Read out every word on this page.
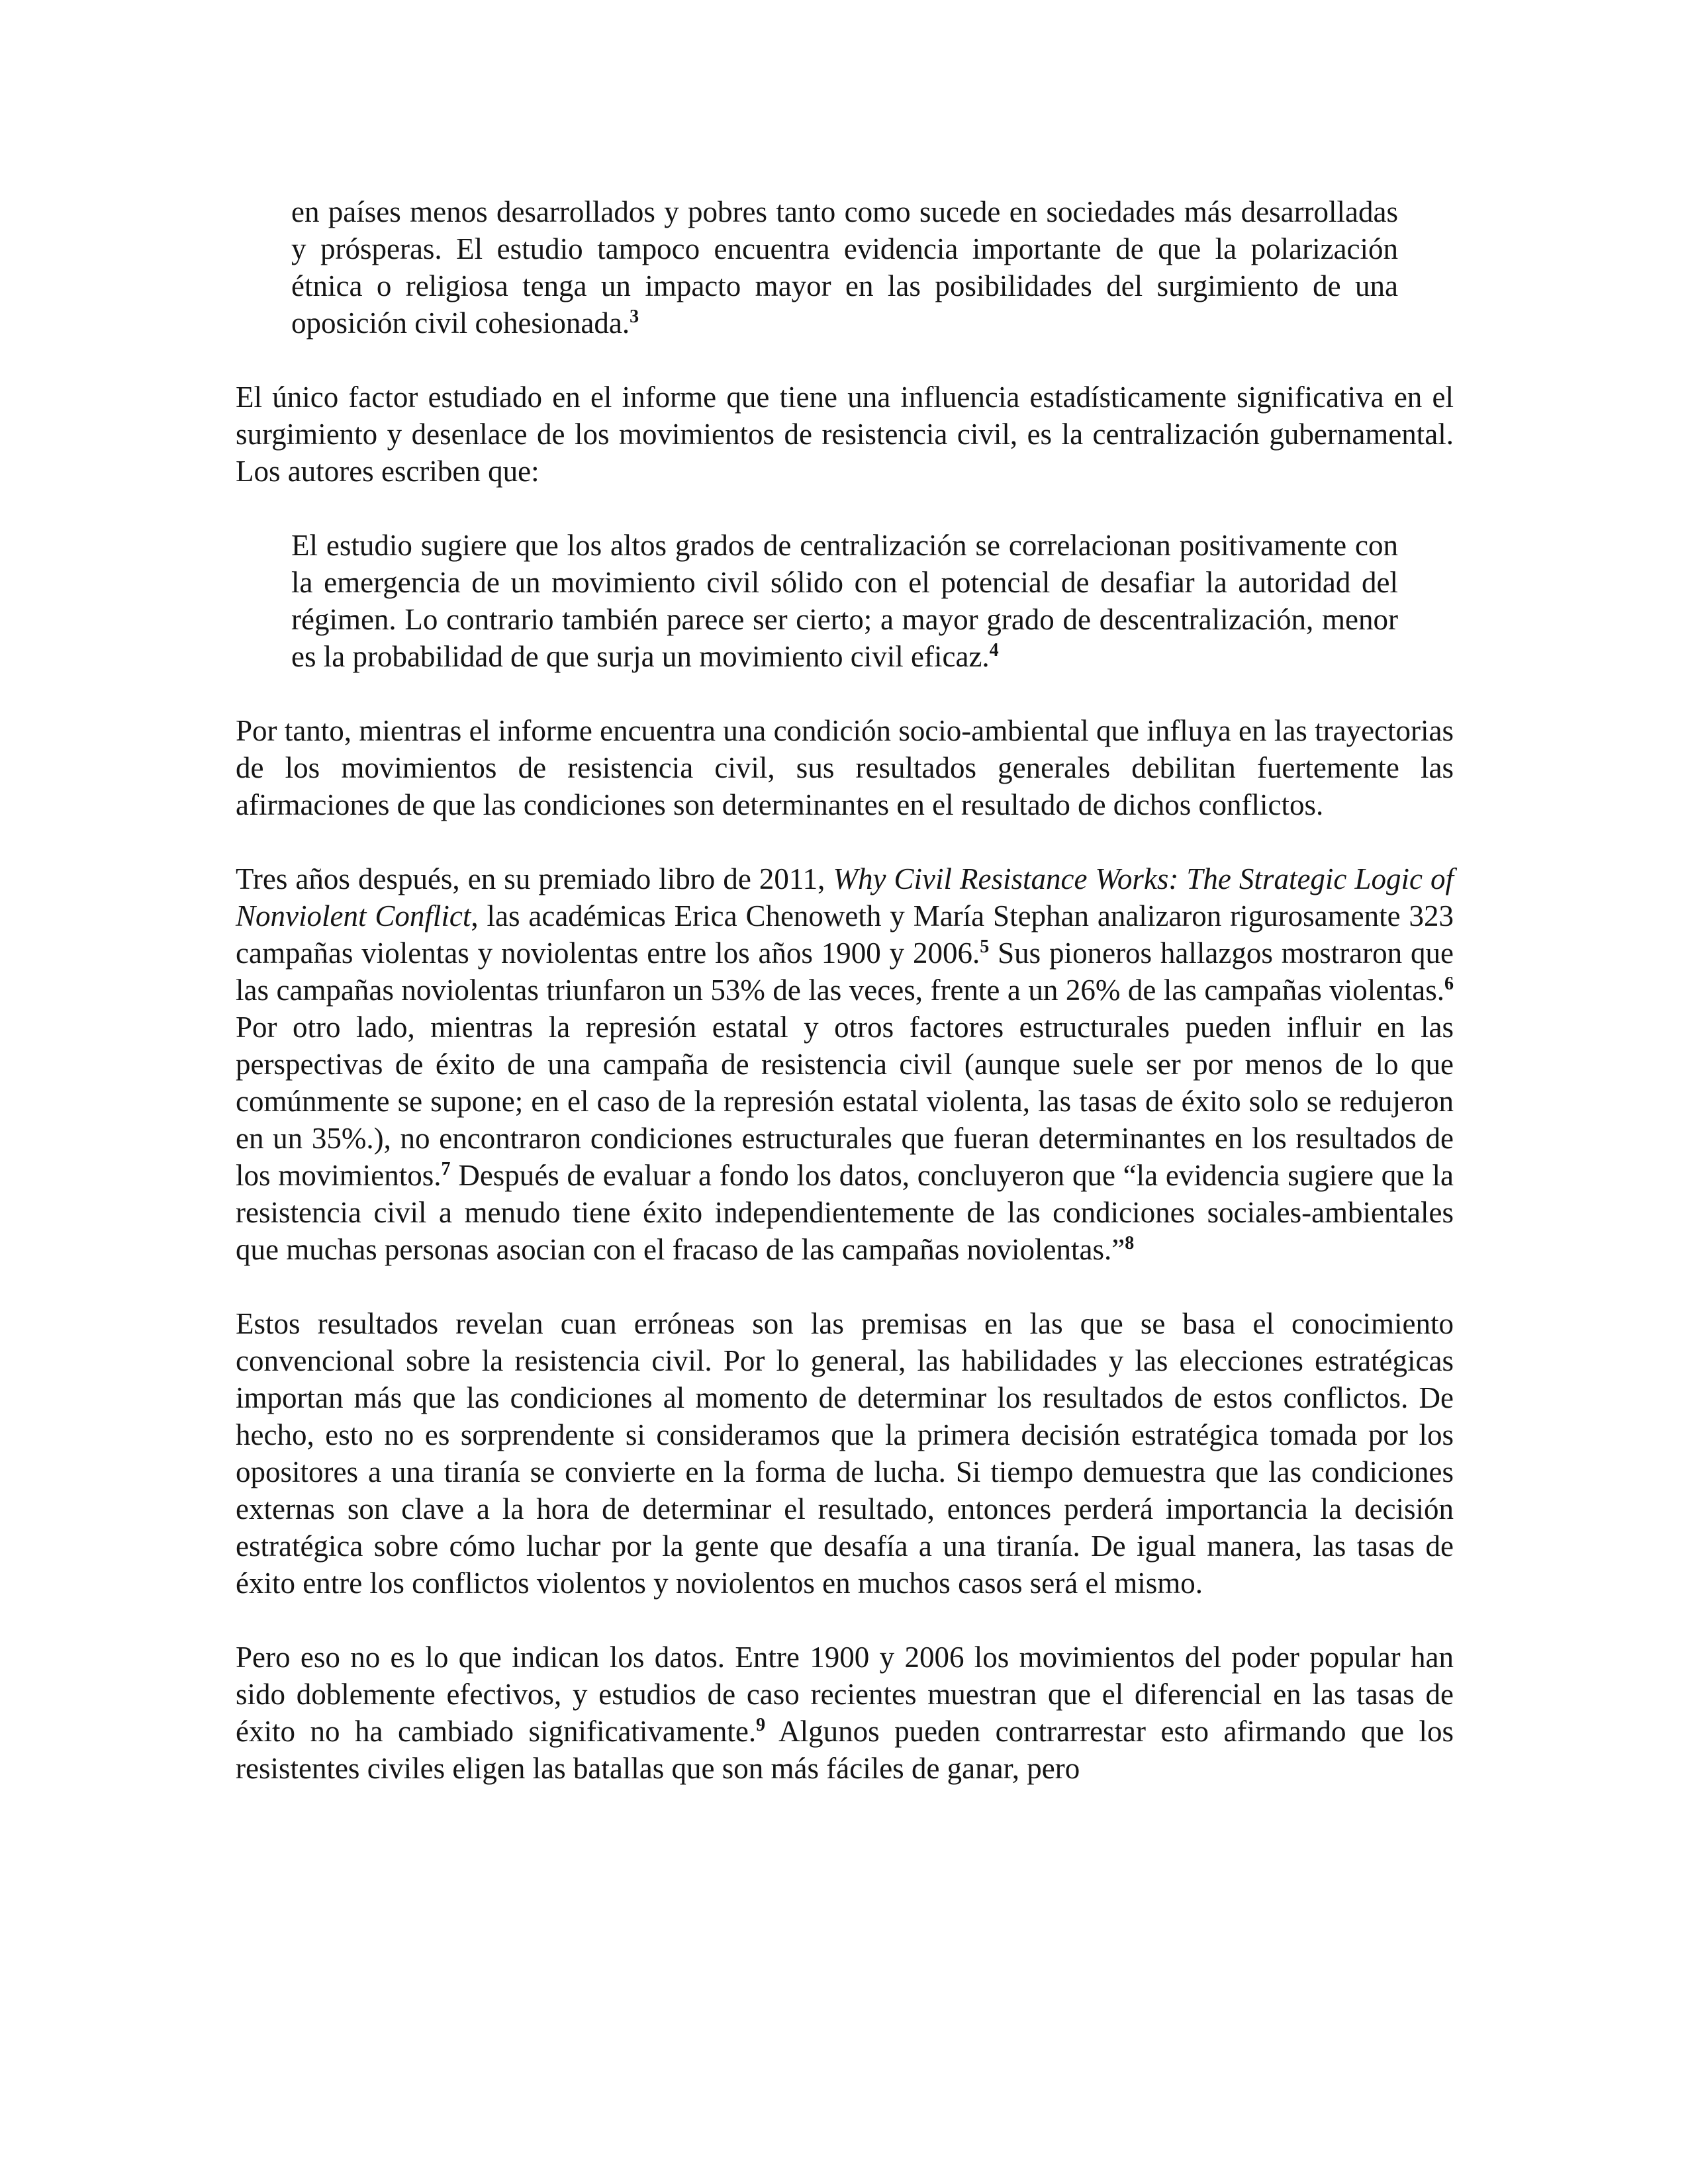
en países menos desarrollados y pobres tanto como sucede en sociedades más desarrolladas y prósperas. El estudio tampoco encuentra evidencia importante de que la polarización étnica o religiosa tenga un impacto mayor en las posibilidades del surgimiento de una oposición civil cohesionada.$^3$

El único factor estudiado en el informe que tiene una influencia estadísticamente significativa en el surgimiento y desenlace de los movimientos de resistencia civil, es la centralización gubernamental. Los autores escriben que:

El estudio sugiere que los altos grados de centralización se correlacionan positivamente con la emergencia de un movimiento civil sólido con el potencial de desafiar la autoridad del régimen. Lo contrario también parece ser cierto; a mayor grado de descentralización, menor es la probabilidad de que surja un movimiento civil eficaz.$^4$

Por tanto, mientras el informe encuentra una condición socio-ambiental que influya en las trayectorias de los movimientos de resistencia civil, sus resultados generales debilitan fuertemente las afirmaciones de que las condiciones son determinantes en el resultado de dichos conflictos.

Tres años después, en su premiado libro de 2011, Why Civil Resistance Works: The Strategic Logic of Nonviolent Conflict, las académicas Erica Chenoweth y María Stephan analizaron rigurosamente 323 campañas violentas y noviolentas entre los años 1900 y 2006.$^5$ Sus pioneros hallazgos mostraron que las campañas noviolentas triunfaron un 53% de las veces, frente a un 26% de las campañas violentas.$^6$ Por otro lado, mientras la represión estatal y otros factores estructurales pueden influir en las perspectivas de éxito de una campaña de resistencia civil (aunque suele ser por menos de lo que comúnmente se supone; en el caso de la represión estatal violenta, las tasas de éxito solo se redujeron en un 35%.), no encontraron condiciones estructurales que fueran determinantes en los resultados de los movimientos.$^7$ Después de evaluar a fondo los datos, concluyeron que “la evidencia sugiere que la resistencia civil a menudo tiene éxito independientemente de las condiciones sociales-ambientales que muchas personas asocian con el fracaso de las campañas noviolentas.”$^8$

Estos resultados revelan cuan erróneas son las premisas en las que se basa el conocimiento convencional sobre la resistencia civil. Por lo general, las habilidades y las elecciones estratégicas importan más que las condiciones al momento de determinar los resultados de estos conflictos. De hecho, esto no es sorprendente si consideramos que la primera decisión estratégica tomada por los opositores a una tiranía se convierte en la forma de lucha. Si tiempo demuestra que las condiciones externas son clave a la hora de determinar el resultado, entonces perderá importancia la decisión estratégica sobre cómo luchar por la gente que desafía a una tiranía. De igual manera, las tasas de éxito entre los conflictos violentos y noviolentos en muchos casos será el mismo.

Pero eso no es lo que indican los datos. Entre 1900 y 2006 los movimientos del poder popular han sido doblemente efectivos, y estudios de caso recientes muestran que el diferencial en las tasas de éxito no ha cambiado significativamente.$^9$ Algunos pueden contrarrestar esto afirmando que los resistentes civiles eligen las batallas que son más fáciles de ganar, pero
